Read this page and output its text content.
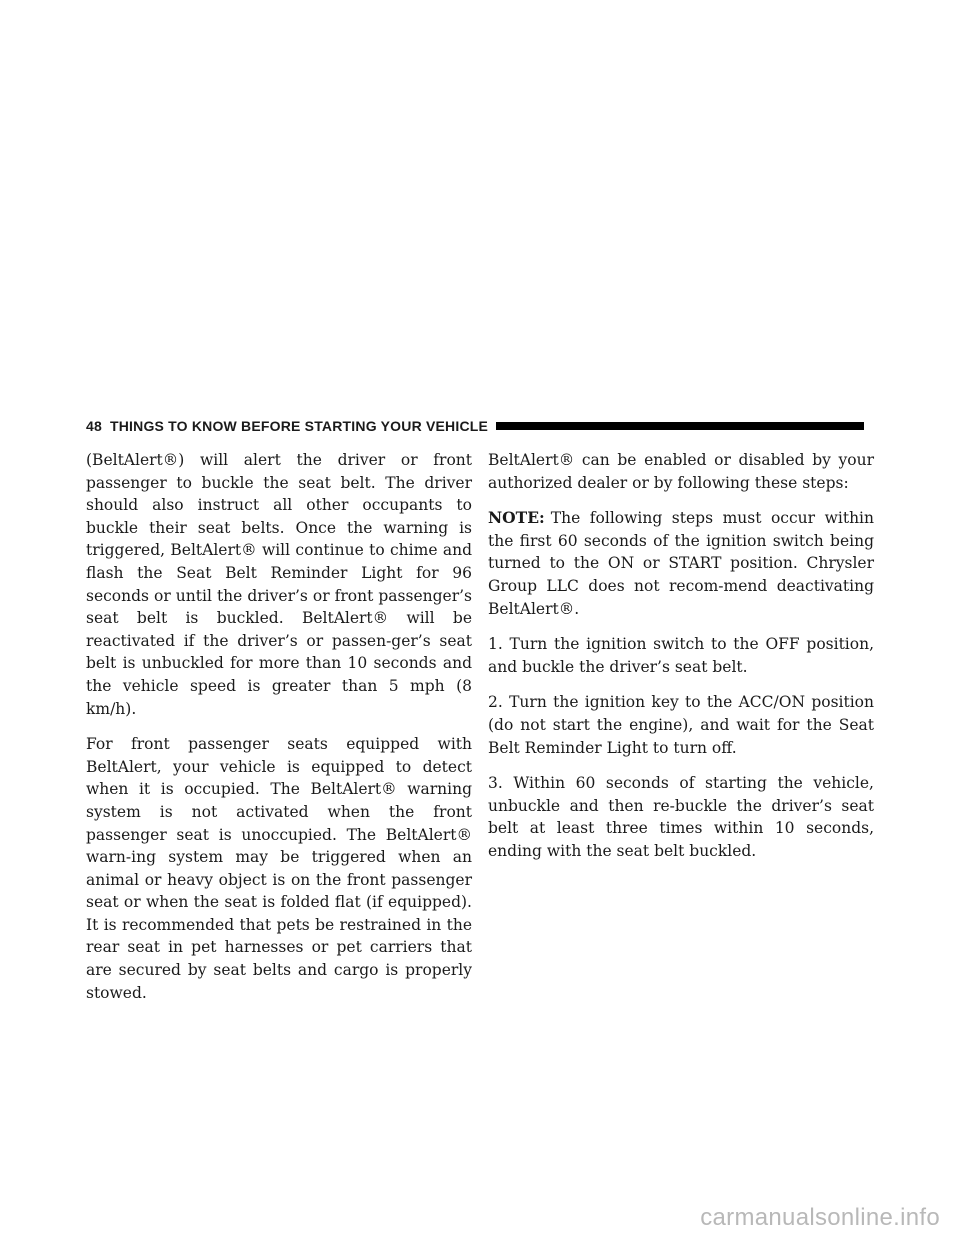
48 THINGS TO KNOW BEFORE STARTING YOUR VEHICLE

(BeltAlert®) will alert the driver or front passenger to buckle the seat belt. The driver should also instruct all other occupants to buckle their seat belts. Once the warning is triggered, BeltAlert® will continue to chime and flash the Seat Belt Reminder Light for 96 seconds or until the driver’s or front passenger’s seat belt is buckled. BeltAlert® will be reactivated if the driver’s or passen-ger’s seat belt is unbuckled for more than 10 seconds and the vehicle speed is greater than 5 mph (8 km/h).

For front passenger seats equipped with BeltAlert, your vehicle is equipped to detect when it is occupied. The BeltAlert® warning system is not activated when the front passenger seat is unoccupied. The BeltAlert® warn-ing system may be triggered when an animal or heavy object is on the front passenger seat or when the seat is folded flat (if equipped). It is recommended that pets be restrained in the rear seat in pet harnesses or pet carriers that are secured by seat belts and cargo is properly stowed.

BeltAlert® can be enabled or disabled by your authorized dealer or by following these steps:

NOTE: The following steps must occur within the first 60 seconds of the ignition switch being turned to the ON or START position. Chrysler Group LLC does not recom-mend deactivating BeltAlert®.

1. Turn the ignition switch to the OFF position, and buckle the driver’s seat belt.

2. Turn the ignition key to the ACC/ON position (do not start the engine), and wait for the Seat Belt Reminder Light to turn off.

3. Within 60 seconds of starting the vehicle, unbuckle and then re-buckle the driver’s seat belt at least three times within 10 seconds, ending with the seat belt buckled.

carmanualsonline.info
